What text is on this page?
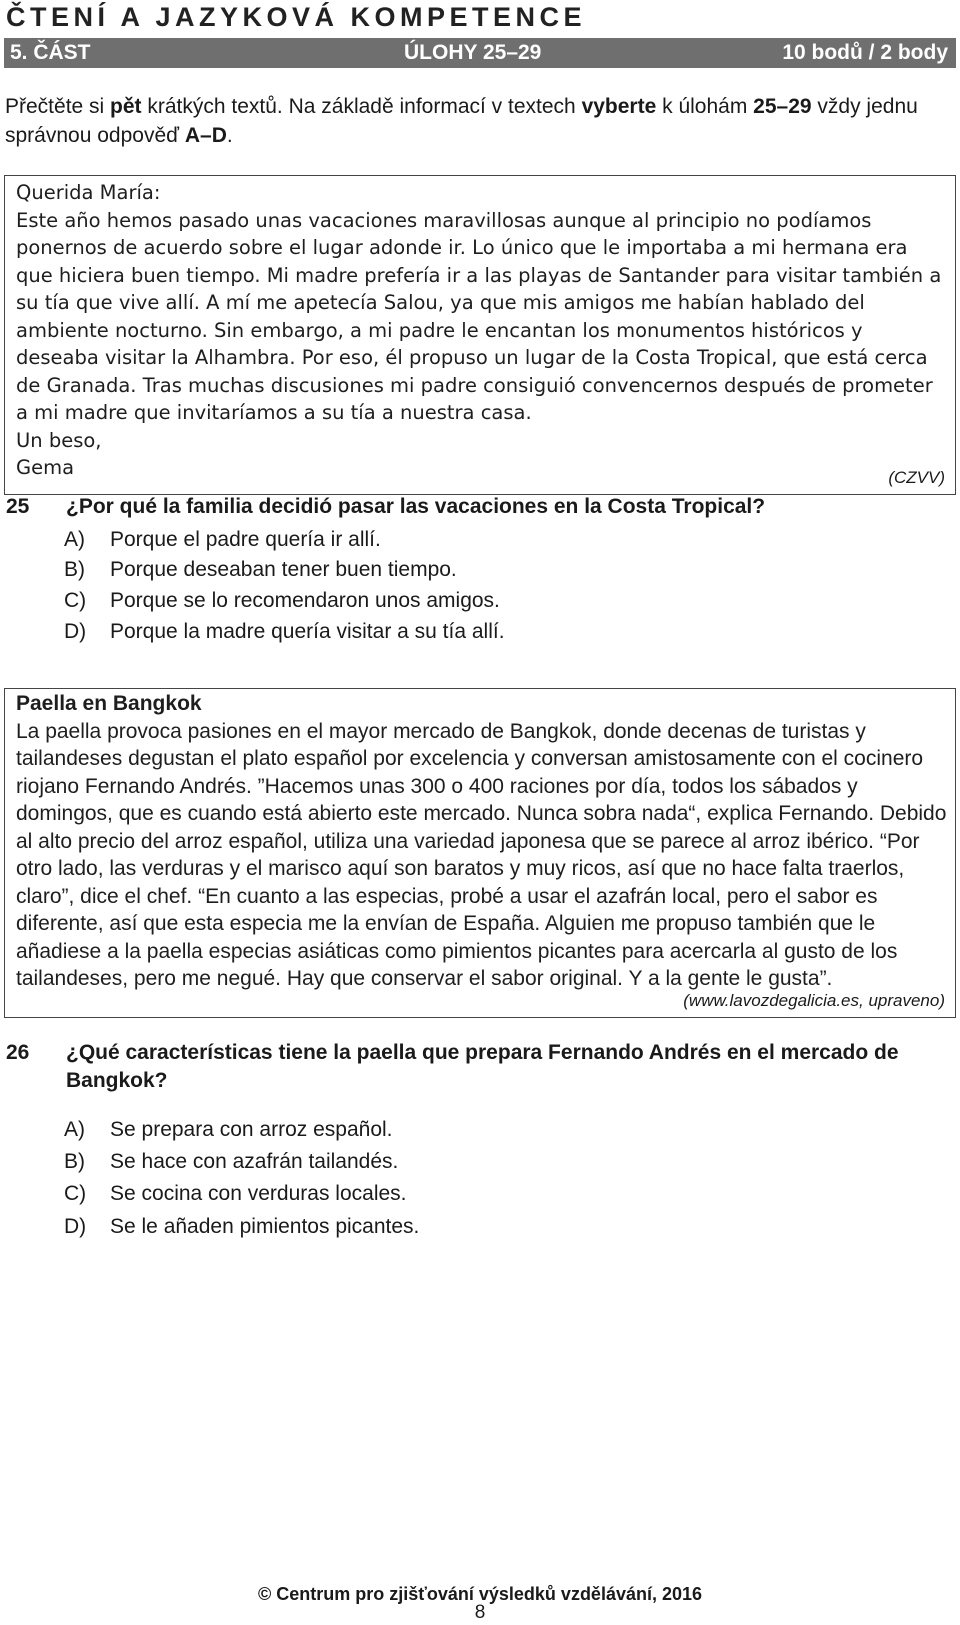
ČTENÍ A JAZYKOVÁ KOMPETENCE
5. ČÁST	ÚLOHY 25–29	10 bodů / 2 body

Přečtěte si pět krátkých textů. Na základě informací v textech vyberte k úlohám 25–29 vždy jednu správnou odpověď A–D.

Querida María:
Este año hemos pasado unas vacaciones maravillosas aunque al principio no podíamos ponernos de acuerdo sobre el lugar adonde ir. Lo único que le importaba a mi hermana era que hiciera buen tiempo. Mi madre prefería ir a las playas de Santander para visitar también a su tía que vive allí. A mí me apetecía Salou, ya que mis amigos me habían hablado del ambiente nocturno. Sin embargo, a mi padre le encantan los monumentos históricos y deseaba visitar la Alhambra. Por eso, él propuso un lugar de la Costa Tropical, que está cerca de Granada. Tras muchas discusiones mi padre consiguió convencernos después de prometer a mi madre que invitaríamos a su tía a nuestra casa.
Un beso,
Gema	(CZVV)
25 ¿Por qué la familia decidió pasar las vacaciones en la Costa Tropical?
A) Porque el padre quería ir allí.
B) Porque deseaban tener buen tiempo.
C) Porque se lo recomendaron unos amigos.
D) Porque la madre quería visitar a su tía allí.

Paella en Bangkok
La paella provoca pasiones en el mayor mercado de Bangkok, donde decenas de turistas y tailandeses degustan el plato español por excelencia y conversan amistosamente con el cocinero riojano Fernando Andrés. ”Hacemos unas 300 o 400 raciones por día, todos los sábados y domingos, que es cuando está abierto este mercado. Nunca sobra nada“, explica Fernando. Debido al alto precio del arroz español, utiliza una variedad japonesa que se parece al arroz ibérico. “Por otro lado, las verduras y el marisco aquí son baratos y muy ricos, así que no hace falta traerlos, claro”, dice el chef. “En cuanto a las especias, probé a usar el azafrán local, pero el sabor es diferente, así que esta especia me la envían de España. Alguien me propuso también que le añadiese a la paella especias asiáticas como pimientos picantes para acercarla al gusto de los tailandeses, pero me negué. Hay que conservar el sabor original. Y a la gente le gusta”.

(www.lavozdegalicia.es, upraveno)
26 ¿Qué características tiene la paella que prepara Fernando Andrés en el mercado de Bangkok?
A) Se prepara con arroz español.
B) Se hace con azafrán tailandés.
C) Se cocina con verduras locales.
D) Se le añaden pimientos picantes.
© Centrum pro zjišťování výsledků vzdělávání, 2016
8
